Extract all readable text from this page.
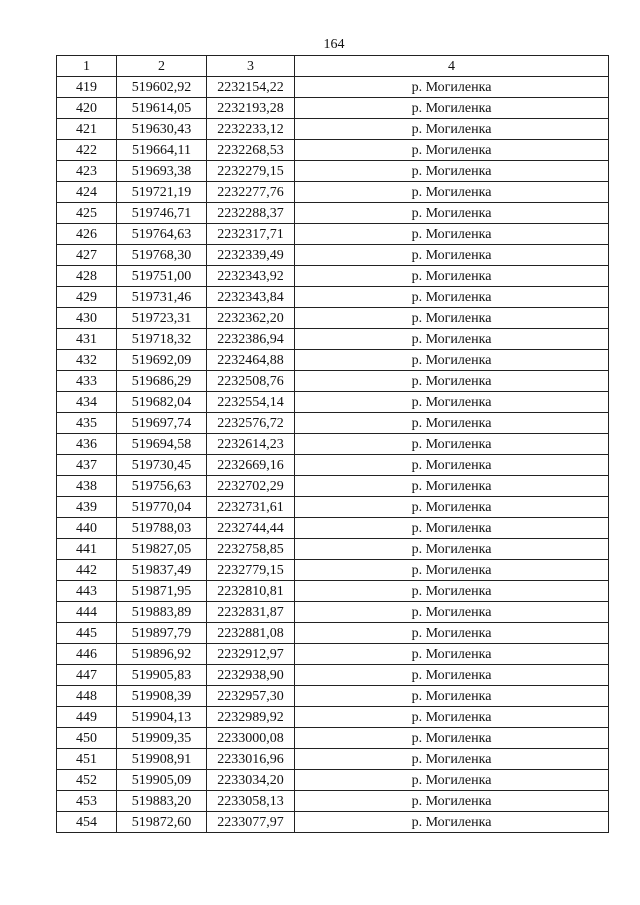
164
1	2	3	4
419	519602,92	2232154,22	р. Могиленка
420	519614,05	2232193,28	р. Могиленка
421	519630,43	2232233,12	р. Могиленка
422	519664,11	2232268,53	р. Могиленка
423	519693,38	2232279,15	р. Могиленка
424	519721,19	2232277,76	р. Могиленка
425	519746,71	2232288,37	р. Могиленка
426	519764,63	2232317,71	р. Могиленка
427	519768,30	2232339,49	р. Могиленка
428	519751,00	2232343,92	р. Могиленка
429	519731,46	2232343,84	р. Могиленка
430	519723,31	2232362,20	р. Могиленка
431	519718,32	2232386,94	р. Могиленка
432	519692,09	2232464,88	р. Могиленка
433	519686,29	2232508,76	р. Могиленка
434	519682,04	2232554,14	р. Могиленка
435	519697,74	2232576,72	р. Могиленка
436	519694,58	2232614,23	р. Могиленка
437	519730,45	2232669,16	р. Могиленка
438	519756,63	2232702,29	р. Могиленка
439	519770,04	2232731,61	р. Могиленка
440	519788,03	2232744,44	р. Могиленка
441	519827,05	2232758,85	р. Могиленка
442	519837,49	2232779,15	р. Могиленка
443	519871,95	2232810,81	р. Могиленка
444	519883,89	2232831,87	р. Могиленка
445	519897,79	2232881,08	р. Могиленка
446	519896,92	2232912,97	р. Могиленка
447	519905,83	2232938,90	р. Могиленка
448	519908,39	2232957,30	р. Могиленка
449	519904,13	2232989,92	р. Могиленка
450	519909,35	2233000,08	р. Могиленка
451	519908,91	2233016,96	р. Могиленка
452	519905,09	2233034,20	р. Могиленка
453	519883,20	2233058,13	р. Могиленка
454	519872,60	2233077,97	р. Могиленка
